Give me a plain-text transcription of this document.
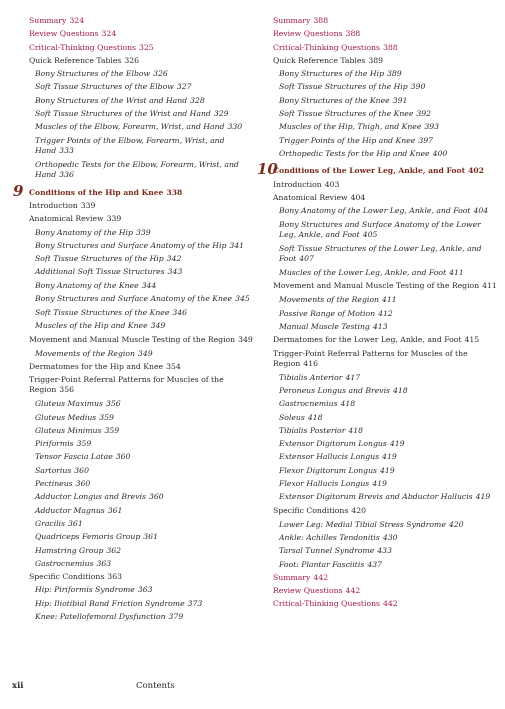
Summary 324
Review Questions 324
Critical-Thinking Questions 325
Quick Reference Tables 326
Bony Structures of the Elbow 326
Soft Tissue Structures of the Elbow 327
Bony Structures of the Wrist and Hand 328
Soft Tissue Structures of the Wrist and Hand 329
Muscles of the Elbow, Forearm, Wrist, and Hand 330
Trigger Points of the Elbow, Forearm, Wrist, and Hand 333
Orthopedic Tests for the Elbow, Forearm, Wrist, and Hand 336
9 Conditions of the Hip and Knee 338
Introduction 339
Anatomical Review 339
Bony Anatomy of the Hip 339
Bony Structures and Surface Anatomy of the Hip 341
Soft Tissue Structures of the Hip 342
Additional Soft Tissue Structures 343
Bony Anatomy of the Knee 344
Bony Structures and Surface Anatomy of the Knee 345
Soft Tissue Structures of the Knee 346
Muscles of the Hip and Knee 349
Movement and Manual Muscle Testing of the Region 349
Movements of the Region 349
Dermatomes for the Hip and Knee 354
Trigger-Point Referral Patterns for Muscles of the Region 356
Gluteus Maximus 356
Gluteus Medius 359
Gluteus Minimus 359
Piriformis 359
Tensor Fascia Latae 360
Sartorius 360
Pectineus 360
Adductor Longus and Brevis 360
Adductor Magnus 361
Gracilis 361
Quadriceps Femoris Group 361
Hamstring Group 362
Gastrocnemius 363
Specific Conditions 363
Hip: Piriformis Syndrome 363
Hip: Iliotibial Band Friction Syndrome 373
Knee: Patellofemoral Dysfunction 379
Summary 388
Review Questions 388
Critical-Thinking Questions 388
Quick Reference Tables 389
Bony Structures of the Hip 389
Soft Tissue Structures of the Hip 390
Bony Structures of the Knee 391
Soft Tissue Structures of the Knee 392
Muscles of the Hip, Thigh, and Knee 393
Trigger Points of the Hip and Knee 397
Orthopedic Tests for the Hip and Knee 400
10
Conditions of the Lower Leg, Ankle, and Foot 402
Introduction 403
Anatomical Review 404
Bony Anatomy of the Lower Leg, Ankle, and Foot 404
Bony Structures and Surface Anatomy of the Lower Leg, Ankle, and Foot 405
Soft Tissue Structures of the Lower Leg, Ankle, and Foot 407
Muscles of the Lower Leg, Ankle, and Foot 411
Movement and Manual Muscle Testing of the Region 411
Movements of the Region 411
Passive Range of Motion 412
Manual Muscle Testing 413
Dermatomes for the Lower Leg, Ankle, and Foot 415
Trigger-Point Referral Patterns for Muscles of the Region 416
Tibialis Anterior 417
Peroneus Longus and Brevis 418
Gastrocnemius 418
Soleus 418
Tibialis Posterior 418
Extensor Digitorum Longus 419
Extensor Hallucis Longus 419
Flexor Digitorum Longus 419
Flexor Hallucis Longus 419
Extensor Digitorum Brevis and Abductor Hallucis 419
Specific Conditions 420
Lower Leg: Medial Tibial Stress Syndrome 420
Ankle: Achilles Tendonitis 430
Tarsal Tunnel Syndrome 433
Foot: Plantar Fasciitis 437
Summary 442
Review Questions 442
Critical-Thinking Questions 442
xii	Contents
